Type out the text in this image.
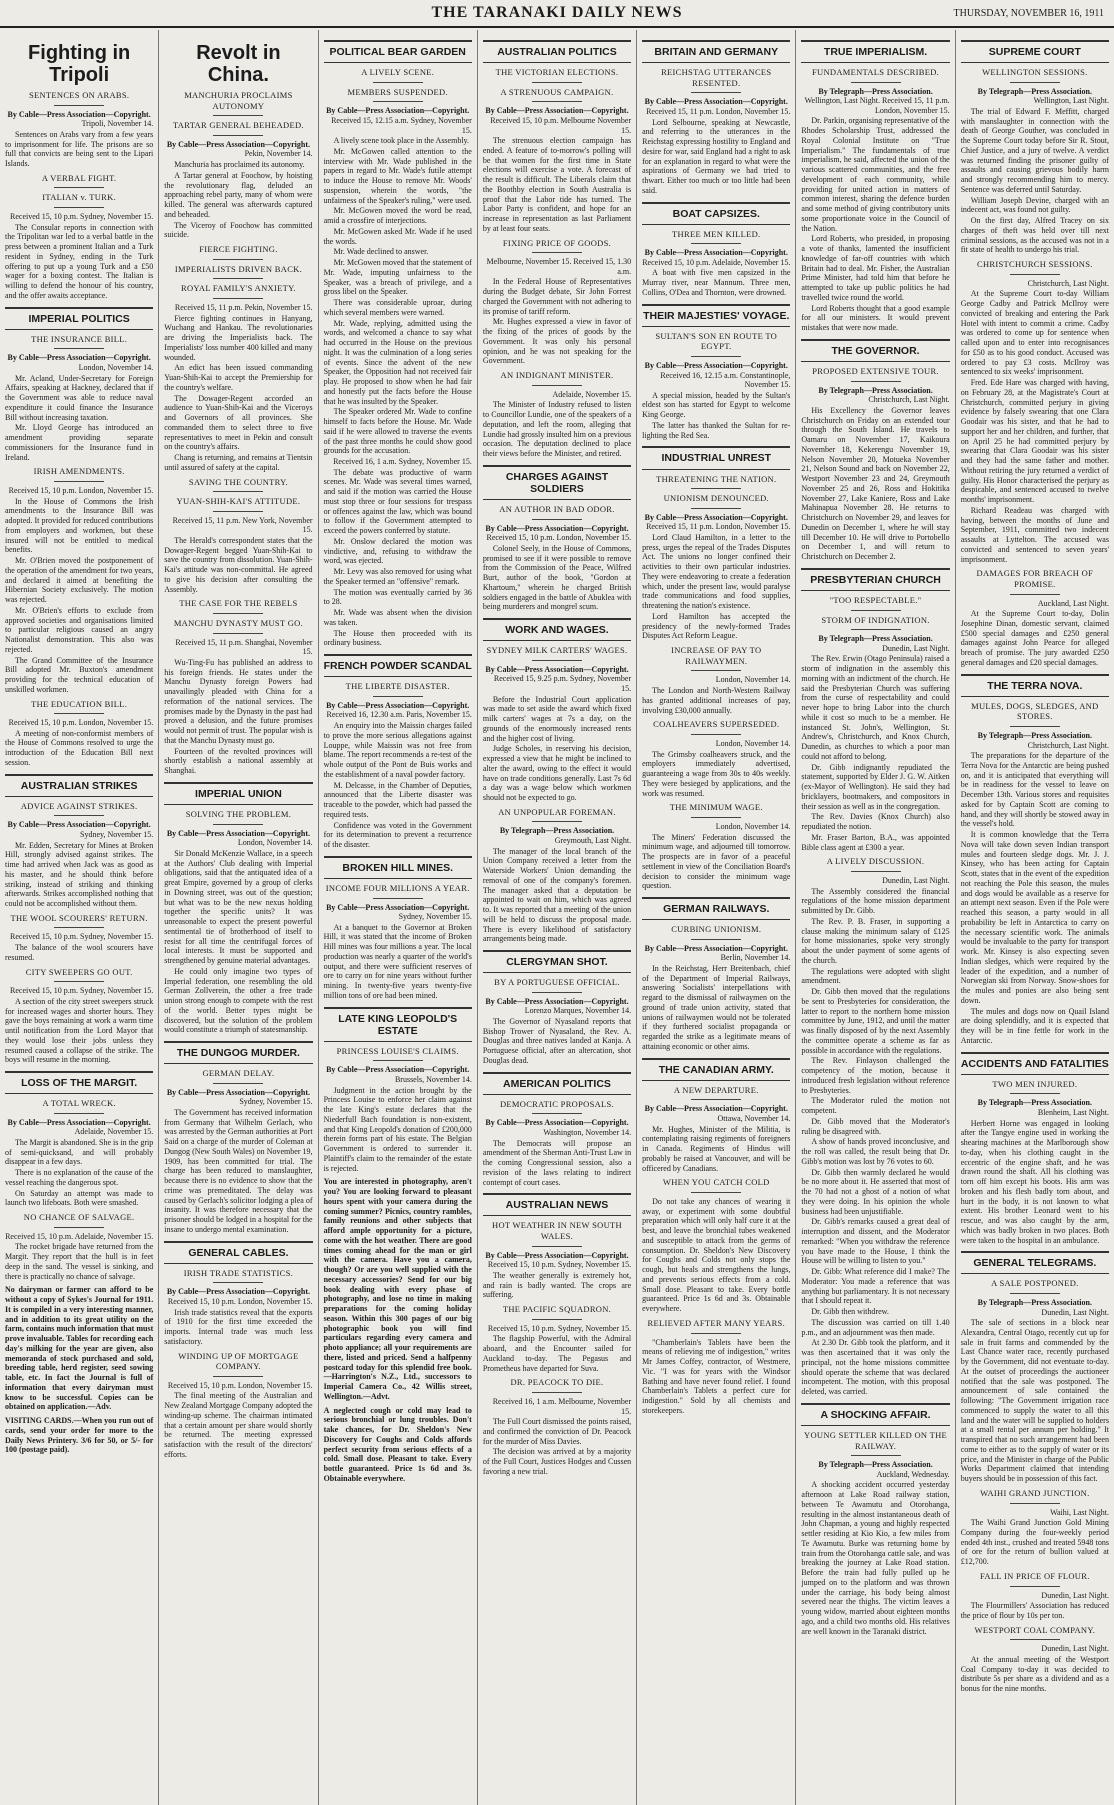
THE TARANAKI DAILY NEWS	THURSDAY, NOVEMBER 16, 1911
Fighting in Tripoli
SENTENCES ON ARABS.
By Cable—Press Association—Copyright.
Tripoli, November 14.
Sentences on Arabs vary from a few years to imprisonment for life. The prisons are so full that convicts are being sent to the Lipari Islands.
A VERBAL FIGHT.
ITALIAN v. TURK.
Received 15, 10 p.m. Sydney, November 15.
The Consular reports in connection with the Tripolitan war led to a verbal battle in the press between a prominent Italian and a Turk resident in Sydney, ending in the Turk offering to put up a young Turk and a £50 wager for a boxing contest. The Italian is willing to defend the honour of his country, and the offer awaits acceptance.
IMPERIAL POLITICS
THE INSURANCE BILL.
By Cable—Press Association—Copyright.
London, November 14.
Mr. Acland, Under-Secretary for Foreign Affairs, speaking at Hackney, declared that if the Government was able to reduce naval expenditure it could finance the Insurance Bill without increasing taxation.
Mr. Lloyd George has introduced an amendment providing separate commissioners for the Insurance fund in Ireland.
IRISH AMENDMENTS.
Received 15, 10 p.m. London, November 15.
In the House of Commons the Irish amendments to the Insurance Bill was adopted. It provided for reduced contributions from employers and workmen, but these insured will not be entitled to medical benefits.
Mr. O'Brien moved the postponement of the operation of the amendment for two years, and declared it aimed at benefiting the Hibernian Society exclusively. The motion was rejected.
Mr. O'Brien's efforts to exclude from approved societies and organisations limited to particular religious caused an angry Nationalist demonstration. This also was rejected.
The Grand Committee of the Insurance Bill adopted Mr. Buxton's amendment providing for the technical education of unskilled workmen.
THE EDUCATION BILL.
Received 15, 10 p.m. London, November 15.
A meeting of non-conformist members of the House of Commons resolved to urge the introduction of the Education Bill next session.
AUSTRALIAN STRIKES
ADVICE AGAINST STRIKES.
By Cable—Press Association—Copyright.
Sydney, November 15.
Mr. Edden, Secretary for Mines at Broken Hill, strongly advised against strikes. The time had arrived when Jack was as good as his master, and he should think before striking, instead of striking and thinking afterwards. Strikes accomplished nothing that could not be accomplished without them.
THE WOOL SCOURERS' RETURN.
Received 15, 10 p.m. Sydney, November 15.
The balance of the wool scourers have resumed.
CITY SWEEPERS GO OUT.
Received 15, 10 p.m. Sydney, November 15.
A section of the city street sweepers struck for increased wages and shorter hours. They gave the boys remaining at work a warm time until notification from the Lord Mayor that they would lose their jobs unless they resumed caused a collapse of the strike. The boys will resume in the morning.
LOSS OF THE MARGIT.
A TOTAL WRECK.
By Cable—Press Association—Copyright.
Adelaide, November 15.
The Margit is abandoned. She is in the grip of semi-quicksand, and will probably disappear in a few days.
There is no explanation of the cause of the vessel reaching the dangerous spot.
On Saturday an attempt was made to launch two lifeboats. Both were smashed.
NO CHANCE OF SALVAGE.
Received 15, 10 p.m. Adelaide, November 15.
The rocket brigade have returned from the Margit. They report that the hull is in feet deep in the sand. The vessel is sinking, and there is practically no chance of salvage.
No dairyman or farmer can afford to be without a copy of Sykes's Journal for 1911. It is compiled in a very interesting manner, and in addition to its great utility on the farm, contains much information that must prove invaluable. Tables for recording each day's milking for the year are given, also memoranda of stock purchased and sold, breeding table, herd register, seed sowing table, etc. In fact the Journal is full of information that every dairyman must know to be successful. Copies can be obtained on application.—Adv.
VISITING CARDS.—When you run out of cards, send your order for more to the Daily News Printery. 3/6 for 50, or 5/- for 100 (postage paid).
Revolt in China.
MANCHURIA PROCLAIMS AUTONOMY
TARTAR GENERAL BEHEADED.
By Cable—Press Association—Copyright.
Pekin, November 14.
Manchuria has proclaimed its autonomy.
A Tartar general at Foochow, by hoisting the revolutionary flag, deluded an approaching rebel party, many of whom were killed. The general was afterwards captured and beheaded.
The Viceroy of Foochow has committed suicide.
FIERCE FIGHTING.
IMPERIALISTS DRIVEN BACK.
ROYAL FAMILY'S ANXIETY.
Received 15, 11 p.m. Pekin, November 15.
Fierce fighting continues in Hanyang, Wuchang and Hankau. The revolutionaries are driving the Imperialists back. The Imperialists' loss number 400 killed and many wounded.
An edict has been issued commanding Yuan-Shih-Kai to accept the Premiership for the country's welfare.
The Dowager-Regent accorded an audience to Yuan-Shih-Kai and the Viceroys and Governors of all provinces. She commanded them to select three to five representatives to meet in Pekin and consult on the country's affairs.
Chang is returning, and remains at Tientsin until assured of safety at the capital.
SAVING THE COUNTRY.
YUAN-SHIH-KAI'S ATTITUDE.
Received 15, 11 p.m. New York, November 15.
The Herald's correspondent states that the Dowager-Regent begged Yuan-Shih-Kai to save the country from dissolution. Yuan-Shih-Kai's attitude was non-committal. He agreed to give his decision after consulting the Assembly.
THE CASE FOR THE REBELS
MANCHU DYNASTY MUST GO.
Received 15, 11 p.m. Shanghai, November 15.
Wu-Ting-Fu has published an address to his foreign friends. He states under the Manchu Dynasty foreign Powers had unavailingly pleaded with China for a reformation of the national services. The promises made by the Dynasty in the past had proved a delusion, and the future promises would not permit of trust. The popular wish is that the Manchu Dynasty must go.
Fourteen of the revolted provinces will shortly establish a national assembly at Shanghai.
IMPERIAL UNION
SOLVING THE PROBLEM.
By Cable—Press Association—Copyright.
London, November 14.
Sir Donald McKenzie Wallace, in a speech at the Authors' Club dealing with Imperial obligations, said that the antiquated idea of a great Empire, governed by a group of clerks in Downing street, was out of the question; but what was to be the new nexus holding together the specific units? It was unreasonable to expect the present powerful sentimental tie of brotherhood of itself to resist for all time the centrifugal forces of local interests. It must be supported and strengthened by genuine material advantages.
He could only imagine two types of Imperial federation, one resembling the old German Zollverein, the other a free trade union strong enough to compete with the rest of the world. Better types might be discovered, but the solution of the problem would constitute a triumph of statesmanship.
THE DUNGOG MURDER.
GERMAN DELAY.
By Cable—Press Association—Copyright.
Sydney, November 15.
The Government has received information from Germany that Wilhelm Gerlach, who was arrested by the German authorities at Port Said on a charge of the murder of Coleman at Dungog (New South Wales) on November 19, 1909, has been committed for trial. The charge has been reduced to manslaughter, because there is no evidence to show that the crime was premeditated. The delay was caused by Gerlach's solicitor lodging a plea of insanity. It was therefore necessary that the prisoner should be lodged in a hospital for the insane to undergo mental examination.
GENERAL CABLES.
IRISH TRADE STATISTICS.
By Cable—Press Association—Copyright.
Received 15, 10 p.m. London, November 15.
Irish trade statistics reveal that the exports of 1910 for the first time exceeded the imports. Internal trade was much less satisfactory.
WINDING UP OF MORTGAGE COMPANY.
Received 15, 10 p.m. London, November 15.
The final meeting of the Australian and New Zealand Mortgage Company adopted the winding-up scheme. The chairman intimated that a certain amount per share would shortly be returned. The meeting expressed satisfaction with the result of the directors' efforts.
POLITICAL BEAR GARDEN
A LIVELY SCENE.
MEMBERS SUSPENDED.
By Cable—Press Association—Copyright.
Received 15, 12.15 a.m. Sydney, November 15.
A lively scene took place in the Assembly.
Mr. McGowen called attention to the interview with Mr. Wade published in the papers in regard to Mr. Wade's futile attempt to induce the House to remove Mr. Woods' suspension, wherein the words, "the unfairness of the Speaker's ruling," were used.
Mr. McGowen moved the word be read, amid a crossfire of interjections.
Mr. McGowen asked Mr. Wade if he used the words.
Mr. Wade declined to answer.
Mr. McGowen moved that the statement of Mr. Wade, imputing unfairness to the Speaker, was a breach of privilege, and a gross libel on the Speaker.
There was considerable uproar, during which several members were warned.
Mr. Wade, replying, admitted using the words, and welcomed a chance to say what had occurred in the House on the previous night. It was the culmination of a long series of events. Since the advent of the new Speaker, the Opposition had not received fair play. He proposed to show when he had fair and honestly put the facts before the House that he was insulted by the Speaker.
The Speaker ordered Mr. Wade to confine himself to facts before the House. Mr. Wade said if he were allowed to traverse the events of the past three months he could show good grounds for the accusation.
Received 16, 1 a.m. Sydney, November 15.
The debate was productive of warm scenes. Mr. Wade was several times warned, and said if the motion was carried the House must stop three or four sessions for trespass or offences against the law, which was bound to follow if the Government attempted to exceed the powers conferred by statute.
Mr. Onslow declared the motion was vindictive, and, refusing to withdraw the word, was ejected.
Mr. Levy was also removed for using what the Speaker termed an "offensive" remark.
The motion was eventually carried by 36 to 28.
Mr. Wade was absent when the division was taken.
The House then proceeded with its ordinary business.
FRENCH POWDER SCANDAL
THE LIBERTE DISASTER.
By Cable—Press Association—Copyright.
Received 16, 12.30 a.m. Paris, November 15.
An enquiry into the Maissin charges failed to prove the more serious allegations against Louppe, while Maissin was not free from blame. The report recommends a re-test of the whole output of the Pont de Buis works and the establishment of a naval powder factory.
M. Delcasse, in the Chamber of Deputies, announced that the Liberte disaster was traceable to the powder, which had passed the required tests.
Confidence was voted in the Government for its determination to prevent a recurrence of the disaster.
BROKEN HILL MINES.
INCOME FOUR MILLIONS A YEAR.
By Cable—Press Association—Copyright.
Sydney, November 15.
At a banquet to the Governor at Broken Hill, it was stated that the income of Broken Hill mines was four millions a year. The local production was nearly a quarter of the world's output, and there were sufficient reserves of ore to carry on for nine years without further mining. In twenty-five years twenty-five million tons of ore had been mined.
LATE KING LEOPOLD'S ESTATE
PRINCESS LOUISE'S CLAIMS.
By Cable—Press Association—Copyright.
Brussels, November 14.
Judgment in the action brought by the Princess Louise to enforce her claim against the late King's estate declares that the Niederfull Bach foundation is non-existent, and that King Leopold's donation of £200,000 therein forms part of his estate. The Belgian Government is ordered to surrender it. Plaintiff's claim to the remainder of the estate is rejected.
You are interested in photography, aren't you? You are looking forward to pleasant hours spent with your camera during the coming summer? Picnics, country rambles, family reunions and other subjects that afford ample opportunity for a picture, come with the hot weather. There are good times coming ahead for the man or girl with the camera. Have you a camera, though? Or are you well supplied with the necessary accessories? Send for our big book dealing with every phase of photography, and lose no time in making preparations for the coming holiday season. Within this 300 pages of our big photographic book you will find particulars regarding every camera and photo appliance; all your requirements are there, listed and priced. Send a halfpenny postcard today for this splendid free book.—Harrington's N.Z., Ltd., successors to Imperial Camera Co., 42 Willis street, Wellington.—Advt.
A neglected cough or cold may lead to serious bronchial or lung troubles. Don't take chances, for Dr. Sheldon's New Discovery for Coughs and Colds affords perfect security from serious effects of a cold. Small dose. Pleasant to take. Every bottle guaranteed. Price 1s 6d and 3s. Obtainable everywhere.
AUSTRALIAN POLITICS
THE VICTORIAN ELECTIONS.
A STRENUOUS CAMPAIGN.
By Cable—Press Association—Copyright.
Received 15, 10 p.m. Melbourne November 15.
The strenuous election campaign has ended. A feature of to-morrow's polling will be that women for the first time in State elections will exercise a vote. A forecast of the result is difficult. The Liberals claim that the Boothby election in South Australia is proof that the Labor tide has turned. The Labor Party is confident, and hope for an increase in representation as last Parliament by at least four seats.
FIXING PRICE OF GOODS.
Melbourne, November 15. Received 15, 1.30 a.m.
In the Federal House of Representatives during the Budget debate, Sir John Forrest charged the Government with not adhering to its promise of tariff reform.
Mr. Hughes expressed a view in favor of the fixing of the prices of goods by the Government. It was only his personal opinion, and he was not speaking for the Government.
AN INDIGNANT MINISTER.
Adelaide, November 15.
The Minister of Industry refused to listen to Councillor Lundie, one of the speakers of a deputation, and left the room, alleging that Lundie had grossly insulted him on a previous occasion. The deputation declined to place their views before the Minister, and retired.
CHARGES AGAINST SOLDIERS
AN AUTHOR IN BAD ODOR.
By Cable—Press Association—Copyright.
Received 15, 10 p.m. London, November 15.
Colonel Seely, in the House of Commons, promised to see if it were possible to remove from the Commission of the Peace, Wilfred Burt, author of the book, "Gordon at Khartoum," wherein he charged British soldiers engaged in the battle of Abuklea with being murderers and mongrel scum.
WORK AND WAGES.
SYDNEY MILK CARTERS' WAGES.
By Cable—Press Association—Copyright.
Received 15, 9.25 p.m. Sydney, November 15.
Before the Industrial Court application was made to set aside the award which fixed milk carters' wages at 7s a day, on the grounds of the enormously increased rents and the higher cost of living.
Judge Scholes, in reserving his decision, expressed a view that he might be inclined to alter the award, owing to the effect it would have on trade conditions generally. Last 7s 6d a day was a wage below which workmen should not be expected to go.
AN UNPOPULAR FOREMAN.
By Telegraph—Press Association.
Greymouth, Last Night.
The manager of the local branch of the Union Company received a letter from the Waterside Workers' Union demanding the removal of one of the company's foremen. The manager asked that a deputation be appointed to wait on him, which was agreed to. It was reported that a meeting of the union will be held to discuss the proposal made. There is every likelihood of satisfactory arrangements being made.
CLERGYMAN SHOT.
BY A PORTUGUESE OFFICIAL.
By Cable—Press Association—Copyright.
Lorenzo Marques, November 14.
The Governor of Nyasaland reports that Bishop Trower of Nyasaland, the Rev. A. Douglas and three natives landed at Kanja. A Portuguese official, after an altercation, shot Douglas dead.
AMERICAN POLITICS
DEMOCRATIC PROPOSALS.
By Cable—Press Association—Copyright.
Washington, November 14.
The Democrats will propose an amendment of the Sherman Anti-Trust Law in the coming Congressional session, also a revision of the laws relating to indirect contempt of court cases.
AUSTRALIAN NEWS
HOT WEATHER IN NEW SOUTH WALES.
By Cable—Press Association—Copyright.
Received 15, 10 p.m. Sydney, November 15.
The weather generally is extremely hot, and rain is badly wanted. The crops are suffering.
THE PACIFIC SQUADRON.
Received 15, 10 p.m. Sydney, November 15.
The flagship Powerful, with the Admiral aboard, and the Encounter sailed for Auckland to-day. The Pegasus and Prometheus have departed for Suva.
DR. PEACOCK TO DIE.
Received 16, 1 a.m. Melbourne, November 15.
The Full Court dismissed the points raised, and confirmed the conviction of Dr. Peacock for the murder of Miss Davies.
The decision was arrived at by a majority of the Full Court, Justices Hodges and Cussen favoring a new trial.
BRITAIN AND GERMANY
REICHSTAG UTTERANCES RESENTED.
By Cable—Press Association—Copyright.
Received 15, 11 p.m. London, November 15.
Lord Selbourne, speaking at Newcastle, and referring to the utterances in the Reichstag expressing hostility to England and desire for war, said England had a right to ask for an explanation in regard to what were the aspirations of Germany we had tried to thwart. Either too much or too little had been said.
BOAT CAPSIZES.
THREE MEN KILLED.
By Cable—Press Association—Copyright.
Received 15, 10 p.m. Adelaide, November 15.
A boat with five men capsized in the Murray river, near Mannum. Three men, Collins, O'Dea and Thornton, were drowned.
THEIR MAJESTIES' VOYAGE.
SULTAN'S SON EN ROUTE TO EGYPT.
By Cable—Press Association—Copyright.
Received 16, 12.15 a.m. Constantinople, November 15.
A special mission, headed by the Sultan's eldest son has started for Egypt to welcome King George.
The latter has thanked the Sultan for re-lighting the Red Sea.
INDUSTRIAL UNREST
THREATENING THE NATION.
UNIONISM DENOUNCED.
By Cable—Press Association—Copyright.
Received 15, 11 p.m. London, November 15.
Lord Claud Hamilton, in a letter to the press, urges the repeal of the Trades Disputes Act. The unions no longer confined their activities to their own particular industries. They were endeavoring to create a federation which, under the present law, would paralyse trade communications and food supplies, threatening the nation's existence.
Lord Hamilton has accepted the presidency of the newly-formed Trades Disputes Act Reform League.
INCREASE OF PAY TO RAILWAYMEN.
London, November 14.
The London and North-Western Railway has granted additional increases of pay, involving £30,000 annually.
COALHEAVERS SUPERSEDED.
London, November 14.
The Grimsby coalheavers struck, and the employers immediately advertised, guaranteeing a wage from 30s to 40s weekly. They were besieged by applications, and the work was resumed.
THE MINIMUM WAGE.
London, November 14.
The Miners' Federation discussed the minimum wage, and adjourned till tomorrow. The prospects are in favor of a peaceful settlement in view of the Conciliation Board's decision to consider the minimum wage question.
GERMAN RAILWAYS.
CURBING UNIONISM.
By Cable—Press Association—Copyright.
Berlin, November 14.
In the Reichstag, Herr Breitenbach, chief of the Department of Imperial Railways, answering Socialists' interpellations with regard to the dismissal of railwaymen on the ground of trade union activity, stated that unions of railwaymen would not be tolerated if they furthered socialist propaganda or regarded the strike as a legitimate means of attaining economic or other aims.
THE CANADIAN ARMY.
A NEW DEPARTURE.
By Cable—Press Association—Copyright.
Ottawa, November 14.
Mr. Hughes, Minister of the Militia, is contemplating raising regiments of foreigners in Canada. Regiments of Hindus will probably be raised at Vancouver, and will be officered by Canadians.
WHEN YOU CATCH COLD
Do not take any chances of wearing it away, or experiment with some doubtful preparation which will only half cure it at the best, and leave the bronchial tubes weakened and susceptible to attack from the germs of consumption. Dr. Sheldon's New Discovery for Coughs and Colds not only stops the cough, but heals and strengthens the lungs, and prevents serious effects from a cold. Small dose. Pleasant to take. Every bottle guaranteed. Price 1s 6d and 3s. Obtainable everywhere.
RELIEVED AFTER MANY YEARS.
"Chamberlain's Tablets have been the means of relieving me of indigestion," writes Mr James Coffey, contractor, of Westmere, Vic. "I was for years with the Windsor Bathing and have never found relief. I found Chamberlain's Tablets a perfect cure for indigestion." Sold by all chemists and storekeepers.
TRUE IMPERIALISM.
FUNDAMENTALS DESCRIBED.
By Telegraph—Press Association.
Wellington, Last Night. Received 15, 11 p.m. London, November 15.
Dr. Parkin, organising representative of the Rhodes Scholarship Trust, addressed the Royal Colonial Institute on "True Imperialism." The fundamentals of true imperialism, he said, affected the union of the various scattered communities, and the free development of each community, while providing for united action in matters of common interest, sharing the defence burden and some method of giving contributory units some proportionate voice in the Council of the Nation.
Lord Roberts, who presided, in proposing a vote of thanks, lamented the insufficient knowledge of far-off countries with which Britain had to deal. Mr. Fisher, the Australian Prime Minister, had told him that before he attempted to take up public politics he had travelled twice round the world.
Lord Roberts thought that a good example for all our ministers. It would prevent mistakes that were now made.
THE GOVERNOR.
PROPOSED EXTENSIVE TOUR.
By Telegraph—Press Association.
Christchurch, Last Night.
His Excellency the Governor leaves Christchurch on Friday on an extended tour through the South Island. He travels to Oamaru on November 17, Kaikoura November 18, Kekerengu November 19, Nelson November 20, Motueka November 21, Nelson Sound and back on November 22, Westport November 23 and 24, Greymouth November 25 and 26, Ross and Hokitika November 27, Lake Kaniere, Ross and Lake Mahinapua November 28. He returns to Christchurch on November 29, and leaves for Dunedin on December 1, where he will stay till December 10. He will drive to Portobello on December 1, and will return to Christchurch on December 2.
PRESBYTERIAN CHURCH
"TOO RESPECTABLE."
STORM OF INDIGNATION.
By Telegraph—Press Association.
Dunedin, Last Night.
The Rev. Erwin (Otago Peninsula) raised a storm of indignation in the assembly this morning with an indictment of the church. He said the Presbyterian Church was suffering from the curse of respectability and could never hope to bring Labor into the church while it cost so much to be a member. He instanced St. John's, Wellington, St. Andrew's, Christchurch, and Knox Church, Dunedin, as churches to which a poor man could not afford to belong.
Dr. Gibb indignantly repudiated the statement, supported by Elder J. G. W. Aitken (ex-Mayor of Wellington). He said they had bricklayers, bootmakers, and compositors in their session as well as in the congregation.
The Rev. Davies (Knox Church) also repudiated the notion.
Mr. Fraser Barton, B.A., was appointed Bible class agent at £300 a year.
A LIVELY DISCUSSION.
Dunedin, Last Night.
The Assembly considered the financial regulations of the home mission department submitted by Dr. Gibb.
The Rev. P. B. Fraser, in supporting a clause making the minimum salary of £125 for home missionaries, spoke very strongly about the under payment of some agents of the church.
The regulations were adopted with slight amendment.
Dr. Gibb then moved that the regulations be sent to Presbyteries for consideration, the latter to report to the northern home mission committee by June, 1912, and until the matter was finally disposed of by the next Assembly the committee operate a scheme as far as possible in accordance with the regulations.
The Rev. Finlayson challenged the competency of the motion, because it introduced fresh legislation without reference to Presbyteries.
The Moderator ruled the motion not competent.
Dr. Gibb moved that the Moderator's ruling be disagreed with.
A show of hands proved inconclusive, and the roll was called, the result being that Dr. Gibb's motion was lost by 76 votes to 60.
Dr. Gibb then warmly declared he would be no more about it. He asserted that most of the 70 had not a ghost of a notion of what they were doing. In his opinion the whole business had been unjustifiable.
Dr. Gibb's remarks caused a great deal of interruption and dissent, and the Moderator remarked: "When you withdraw the reference you have made to the House, I think the House will be willing to listen to you."
Dr. Gibb: What reference did I make? The Moderator: You made a reference that was anything but parliamentary. It is not necessary that I should repeat it.
Dr. Gibb then withdrew.
The discussion was carried on till 1.40 p.m., and an adjournment was then made.
At 2.30 Dr. Gibb took the platform, and it was then ascertained that it was only the principal, not the home missions committee should operate the scheme that was declared incompetent. The motion, with this proposal deleted, was carried.
A SHOCKING AFFAIR.
YOUNG SETTLER KILLED ON THE RAILWAY.
By Telegraph—Press Association.
Auckland, Wednesday.
A shocking accident occurred yesterday afternoon at Lake Road railway station, between Te Awamutu and Otorohanga, resulting in the almost instantaneous death of John Chapman, a young and highly respected settler residing at Kio Kio, a few miles from Te Awamutu. Burke was returning home by train from the Otorohanga cattle sale, and was breaking the journey at Lake Road station. Before the train had fully pulled up he jumped on to the platform and was thrown under the carriage, his body being almost severed near the thighs. The victim leaves a young widow, married about eighteen months ago, and a child two months old. His relatives are well known in the Taranaki district.
SUPREME COURT
WELLINGTON SESSIONS.
By Telegraph—Press Association.
Wellington, Last Night.
The trial of Edward F. Meffitt, charged with manslaughter in connection with the death of George Gouther, was concluded in the Supreme Court today before Sir R. Stout, Chief Justice, and a jury of twelve. A verdict was returned finding the prisoner guilty of assaults and causing grievous bodily harm and strongly recommending him to mercy. Sentence was deferred until Saturday.
William Joseph Devine, charged with an indecent act, was found not guilty.
On the first day, Alfred Tracey on six charges of theft was held over till next criminal sessions, as the accused was not in a fit state of health to undergo his trial.
CHRISTCHURCH SESSIONS.
Christchurch, Last Night.
At the Supreme Court to-day William George Cadby and Patrick McIlroy were convicted of breaking and entering the Park Hotel with intent to commit a crime. Cadby was ordered to come up for sentence when called upon and to enter into recognisances for £50 as to his good conduct. Accused was ordered to pay £3 costs. McIlroy was sentenced to six weeks' imprisonment.
Fred. Ede Hare was charged with having, on February 28, at the Magistrate's Court at Christchurch, committed perjury in giving evidence by falsely swearing that one Clara Goodair was his sister, and that he had to support her and her children, and further, that on April 25 he had committed perjury by swearing that Clara Goodair was his sister and they had the same father and mother. Without retiring the jury returned a verdict of guilty. His Honor characterised the perjury as despicable, and sentenced accused to twelve months' imprisonment.
Richard Readeau was charged with having, between the months of June and September, 1911, committed two indecent assaults at Lyttelton. The accused was convicted and sentenced to seven years' imprisonment.
DAMAGES FOR BREACH OF PROMISE.
Auckland, Last Night.
At the Supreme Court to-day, Dolin Josephine Dinan, domestic servant, claimed £500 special damages and £250 general damages against John Pearce for alleged breach of promise. The jury awarded £250 general damages and £20 special damages.
THE TERRA NOVA.
MULES, DOGS, SLEDGES, AND STORES.
By Telegraph—Press Association.
Christchurch, Last Night.
The preparations for the departure of the Terra Nova for the Antarctic are being pushed on, and it is anticipated that everything will be in readiness for the vessel to leave on December 13th. Various stores and requisites asked for by Captain Scott are coming to hand, and they will shortly be stowed away in the vessel's hold.
It is common knowledge that the Terra Nova will take down seven Indian transport mules and fourteen sledge dogs. Mr. J. J. Kinsey, who has been acting for Captain Scott, states that in the event of the expedition not reaching the Pole this season, the mules and dogs would be available as a reserve for an attempt next season. Even if the Pole were reached this season, a party would in all probability be left in Antarctica to carry on the necessary scientific work. The animals would be invaluable to the party for transport work. Mr. Kinsey is also expecting seven Indian sledges, which were required by the leader of the expedition, and a number of Norwegian ski from Norway. Snow-shoes for the mules and ponies are also being sent down.
The mules and dogs now on Quail Island are doing splendidly, and it is expected that they will be in fine fettle for work in the Antarctic.
ACCIDENTS AND FATALITIES
TWO MEN INJURED.
By Telegraph—Press Association.
Blenheim, Last Night.
Herbert Horne was engaged in looking after the Tangye engine used in working the shearing machines at the Marlborough show to-day, when his clothing caught in the eccentric of the engine shaft, and he was drawn round the shaft. All his clothing was torn off him except his boots. His arm was broken and his flesh badly torn about, and hurt in the body, it is not known to what extent. His brother Leonard went to his rescue, and was also caught by the arm, which was badly broken in two places. Both were taken to the hospital in an ambulance.
GENERAL TELEGRAMS.
A SALE POSTPONED.
By Telegraph—Press Association.
Dunedin, Last Night.
The sale of sections in a block near Alexandra, Central Otago, recently cut up for sale in fruit farms and commended by the Last Chance water race, recently purchased by the Government, did not eventuate to-day. At the outset of proceedings the auctioneer notified that the sale was postponed. The announcement of sale contained the following: "The Government irrigation race commenced to supply the water to all this land and the water will be supplied to holders at a small rental per annum per holding." It transpired that no such arrangement had been come to either as to the supply of water or its price, and the Minister in charge of the Public Works Department claimed that intending buyers should be in possession of this fact.
WAIHI GRAND JUNCTION.
Waihi, Last Night.
The Waihi Grand Junction Gold Mining Company during the four-weekly period ended 4th inst., crushed and treated 5948 tons of ore for the return of bullion valued at £12,700.
FALL IN PRICE OF FLOUR.
Dunedin, Last Night.
The Flourmillers' Association has reduced the price of flour by 10s per ton.
WESTPORT COAL COMPANY.
Dunedin, Last Night.
At the annual meeting of the Westport Coal Company to-day it was decided to distribute 5s per share as a dividend and as a bonus for the nine months.
